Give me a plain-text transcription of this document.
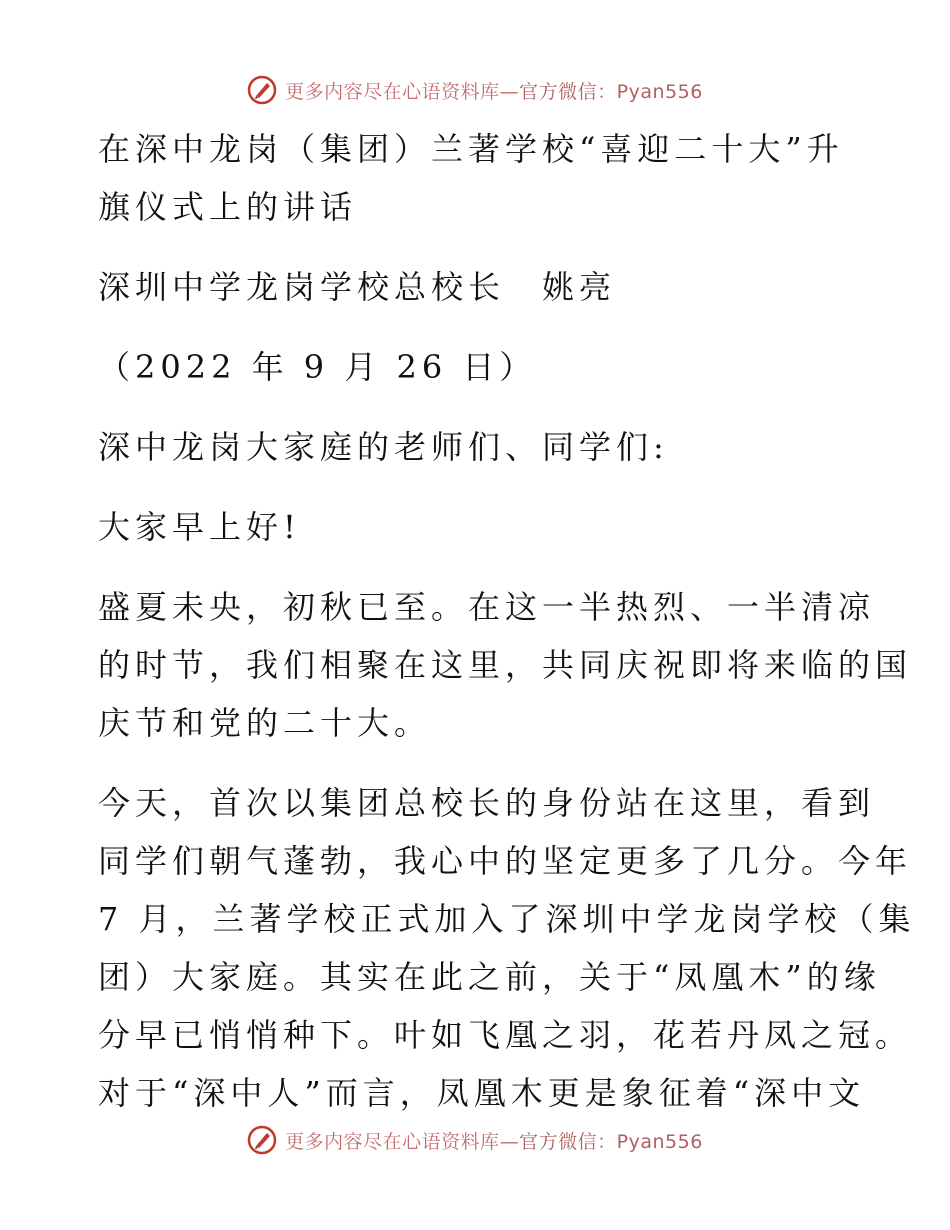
更多内容尽在心语资料库—官方微信：Pyan556
在深中龙岗（集团）兰著学校“喜迎二十大”升
旗仪式上的讲话
深圳中学龙岗学校总校长　姚亮
（2022 年 9 月 26 日）
深中龙岗大家庭的老师们、同学们:
大家早上好!
盛夏未央，初秋已至。在这一半热烈、一半清凉
的时节，我们相聚在这里，共同庆祝即将来临的国
庆节和党的二十大。
今天，首次以集团总校长的身份站在这里，看到
同学们朝气蓬勃，我心中的坚定更多了几分。今年
7 月，兰著学校正式加入了深圳中学龙岗学校（集
团）大家庭。其实在此之前，关于“凤凰木”的缘
分早已悄悄种下。叶如飞凰之羽，花若丹凤之冠。
对于“深中人”而言，凤凰木更是象征着“深中文
更多内容尽在心语资料库—官方微信：Pyan556
